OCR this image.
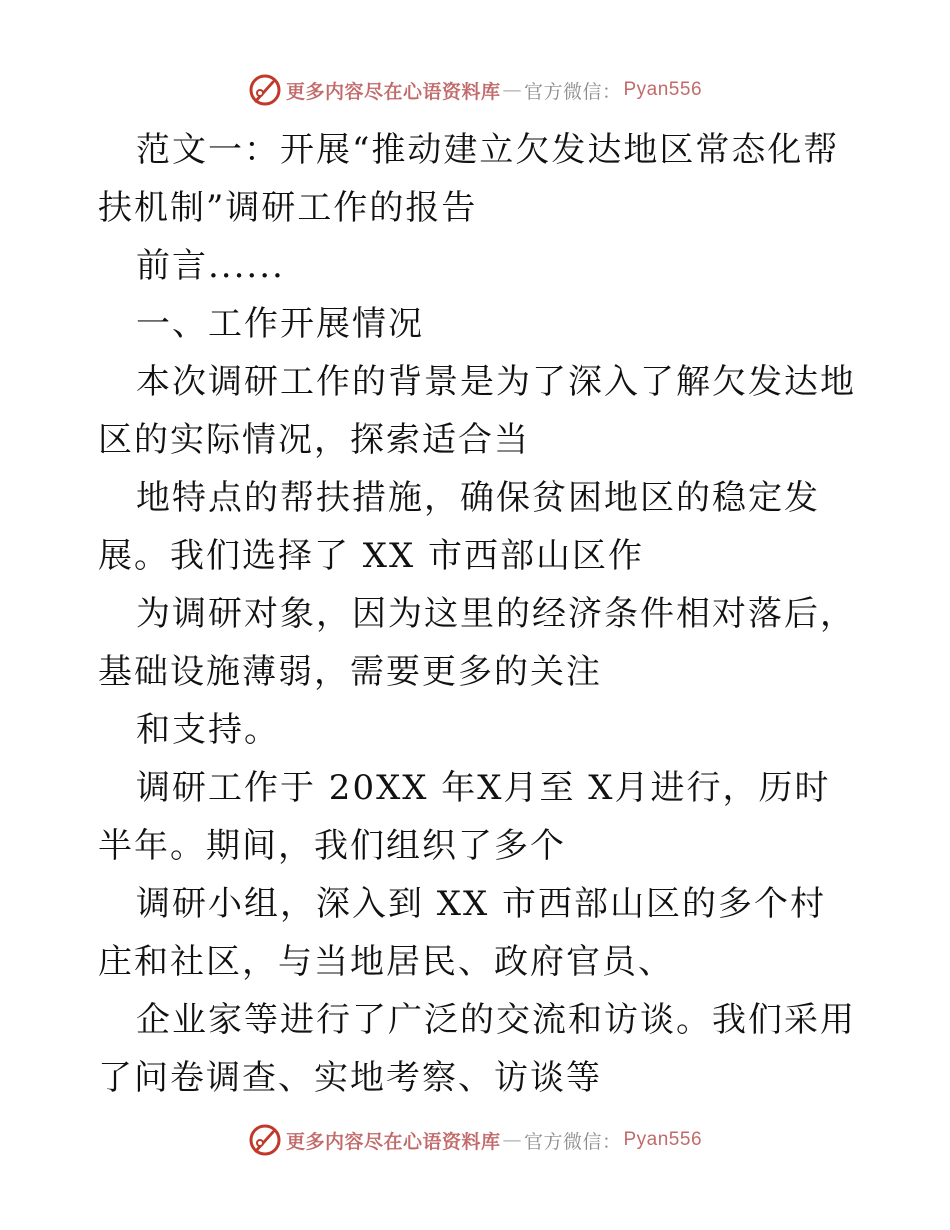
更多内容尽在心语资料库 — 官方微信： Pyan556

范文一：开展“推动建立欠发达地区常态化帮扶机制”调研工作的报告

前言......

一、工作开展情况

本次调研工作的背景是为了深入了解欠发达地区的实际情况，探索适合当

地特点的帮扶措施，确保贫困地区的稳定发展。我们选择了 XX 市西部山区作

为调研对象，因为这里的经济条件相对落后，基础设施薄弱，需要更多的关注

和支持。

调研工作于 20XX 年X月至 X月进行，历时半年。期间，我们组织了多个

调研小组，深入到 XX 市西部山区的多个村庄和社区，与当地居民、政府官员、

企业家等进行了广泛的交流和访谈。我们采用了问卷调查、实地考察、访谈等

更多内容尽在心语资料库 — 官方微信： Pyan556
